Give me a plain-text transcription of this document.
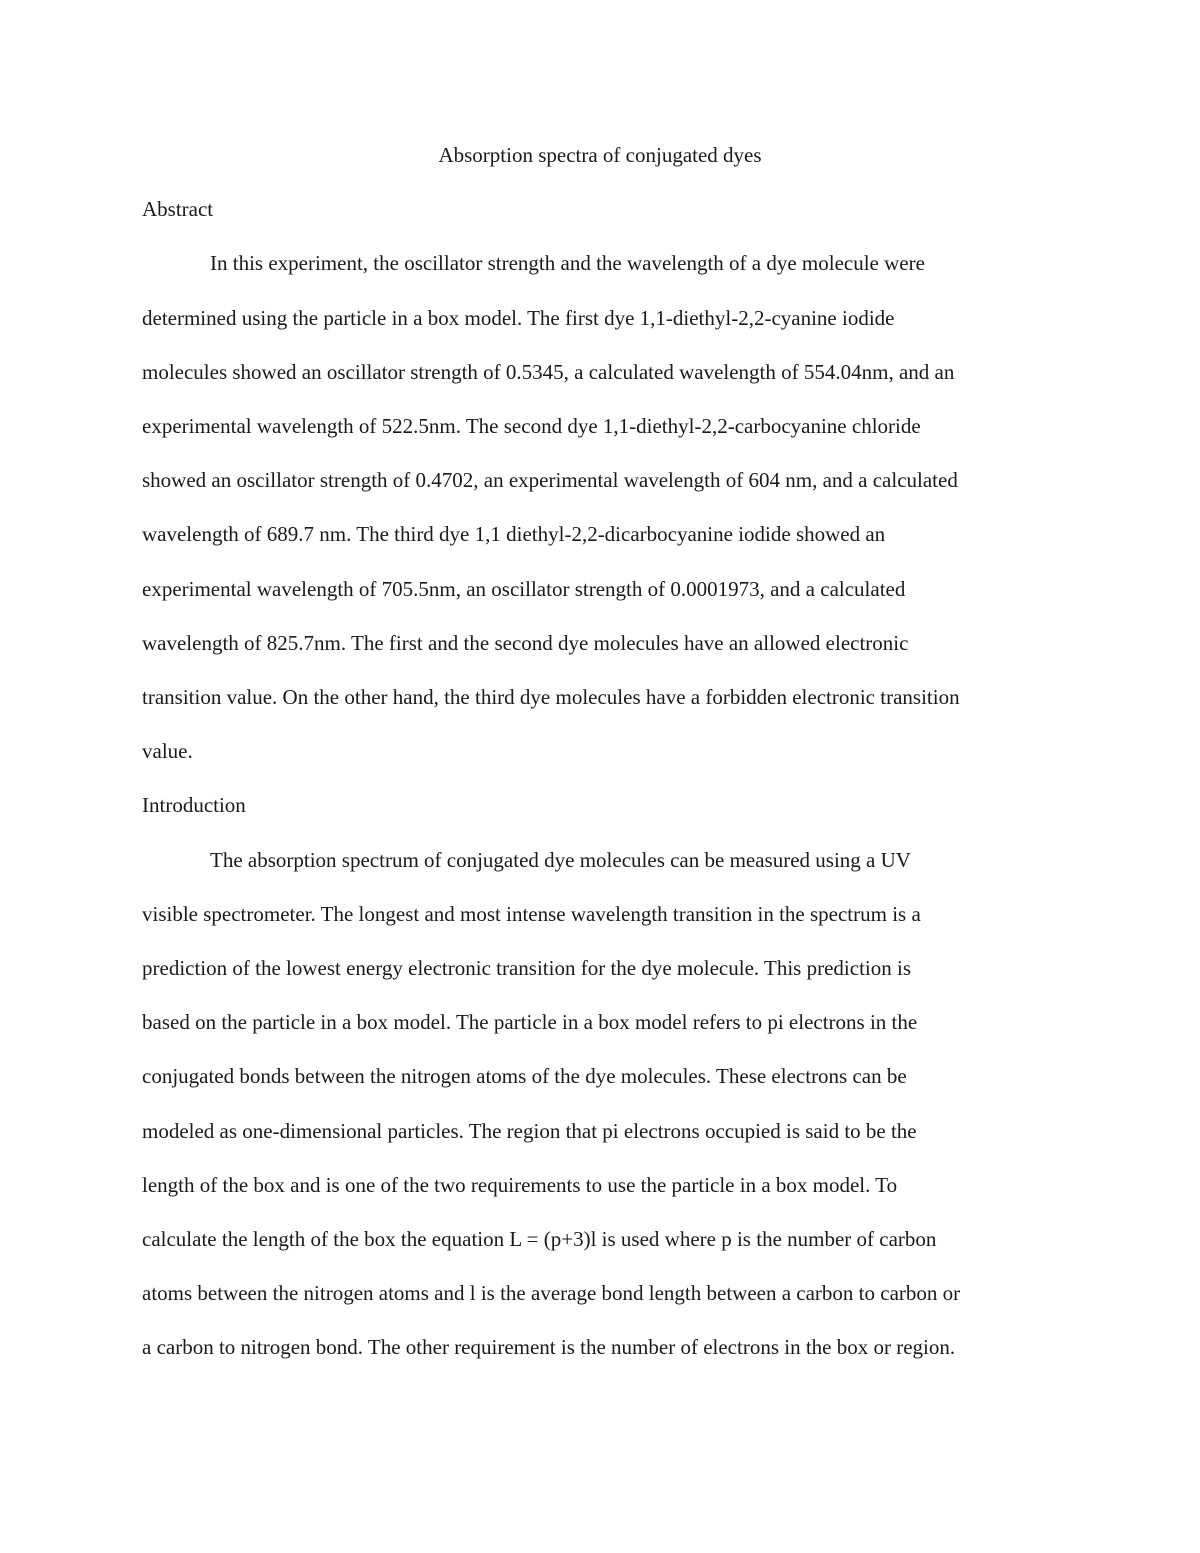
Absorption spectra of conjugated dyes
Abstract
In this experiment, the oscillator strength and the wavelength of a dye molecule were
determined using the particle in a box model. The first dye 1,1-diethyl-2,2-cyanine iodide
molecules showed an oscillator strength of 0.5345, a calculated wavelength of 554.04nm, and an
experimental wavelength of 522.5nm. The second dye 1,1-diethyl-2,2-carbocyanine chloride
showed an oscillator strength of 0.4702, an experimental wavelength of 604 nm, and a calculated
wavelength of 689.7 nm. The third dye 1,1 diethyl-2,2-dicarbocyanine iodide showed an
experimental wavelength of 705.5nm, an oscillator strength of 0.0001973, and a calculated
wavelength of 825.7nm. The first and the second dye molecules have an allowed electronic
transition value. On the other hand, the third dye molecules have a forbidden electronic transition
value.
Introduction
The absorption spectrum of conjugated dye molecules can be measured using a UV
visible spectrometer. The longest and most intense wavelength transition in the spectrum is a
prediction of the lowest energy electronic transition for the dye molecule. This prediction is
based on the particle in a box model. The particle in a box model refers to pi electrons in the
conjugated bonds between the nitrogen atoms of the dye molecules. These electrons can be
modeled as one-dimensional particles. The region that pi electrons occupied is said to be the
length of the box and is one of the two requirements to use the particle in a box model. To
calculate the length of the box the equation L = (p+3)l is used where p is the number of carbon
atoms between the nitrogen atoms and l is the average bond length between a carbon to carbon or
a carbon to nitrogen bond. The other requirement is the number of electrons in the box or region.
